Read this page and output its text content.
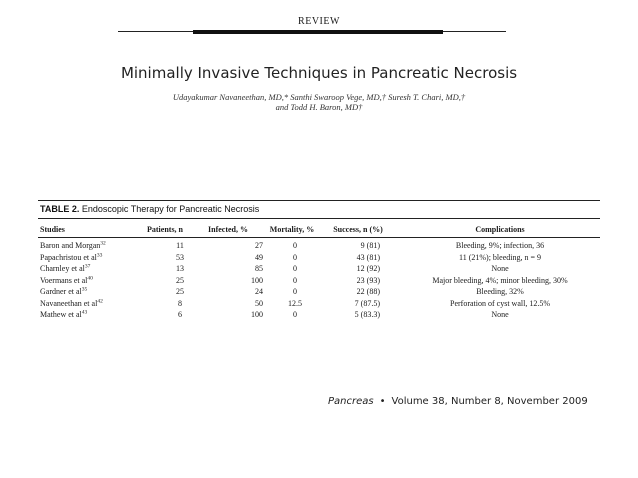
REVIEW
Minimally Invasive Techniques in Pancreatic Necrosis
Udayakumar Navaneethan, MD,* Santhi Swaroop Vege, MD,† Suresh T. Chari, MD,†
and Todd H. Baron, MD†
TABLE 2. Endoscopic Therapy for Pancreatic Necrosis
Studies	Patients, n	Infected, %	Mortality, %	Success, n (%)	Complications
Baron and Morgan$^{32}$	11	27	0	9 (81)	Bleeding, 9%; infection, 36
Papachristou et $al^{33}$	53	49	0	43 (81)	11 (21%); bleeding, n = 9
Charnley et $al^{37}$	13	85	0	12 (92)	None
Voermans et $al^{40}$	25	100	0	23 (93)	Major bleeding, 4%; minor bleeding, 30%
Gardner et $al^{35}$	25	24	0	22 (88)	Bleeding, 32%
Navaneethan et $al^{42}$	8	50	12.5	7 (87.5)	Perforation of cyst wall, 12.5%
Mathew et $al^{43}$	6	100	0	5 (83.3)	None
Pancreas • Volume 38, Number 8, November 2009
